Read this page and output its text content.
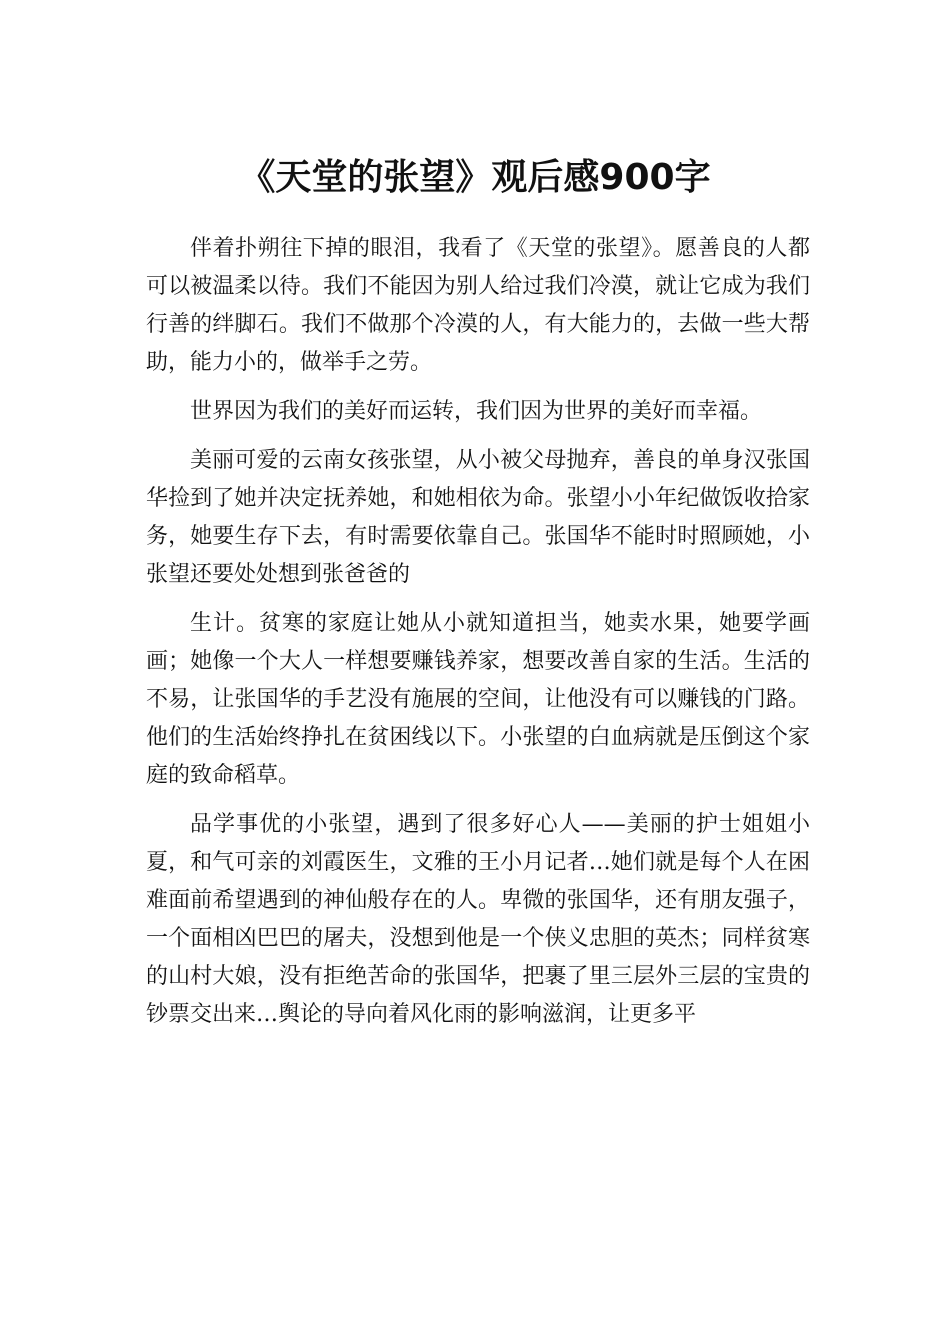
《天堂的张望》观后感900字

伴着扑朔往下掉的眼泪，我看了《天堂的张望》。愿善良的人都可以被温柔以待。我们不能因为别人给过我们冷漠，就让它成为我们行善的绊脚石。我们不做那个冷漠的人，有大能力的，去做一些大帮助，能力小的，做举手之劳。

世界因为我们的美好而运转，我们因为世界的美好而幸福。

美丽可爱的云南女孩张望，从小被父母抛弃，善良的单身汉张国华捡到了她并决定抚养她，和她相依为命。张望小小年纪做饭收拾家务，她要生存下去，有时需要依靠自己。张国华不能时时照顾她，小张望还要处处想到张爸爸的

生计。贫寒的家庭让她从小就知道担当，她卖水果，她要学画画；她像一个大人一样想要赚钱养家，想要改善自家的生活。生活的不易，让张国华的手艺没有施展的空间，让他没有可以赚钱的门路。他们的生活始终挣扎在贫困线以下。小张望的白血病就是压倒这个家庭的致命稻草。

品学事优的小张望，遇到了很多好心人——美丽的护士姐姐小夏，和气可亲的刘霞医生，文雅的王小月记者…她们就是每个人在困难面前希望遇到的神仙般存在的人。卑微的张国华，还有朋友强子，一个面相凶巴巴的屠夫，没想到他是一个侠义忠胆的英杰；同样贫寒的山村大娘，没有拒绝苦命的张国华，把裹了里三层外三层的宝贵的钞票交出来…舆论的导向着风化雨的影响滋润，让更多平
